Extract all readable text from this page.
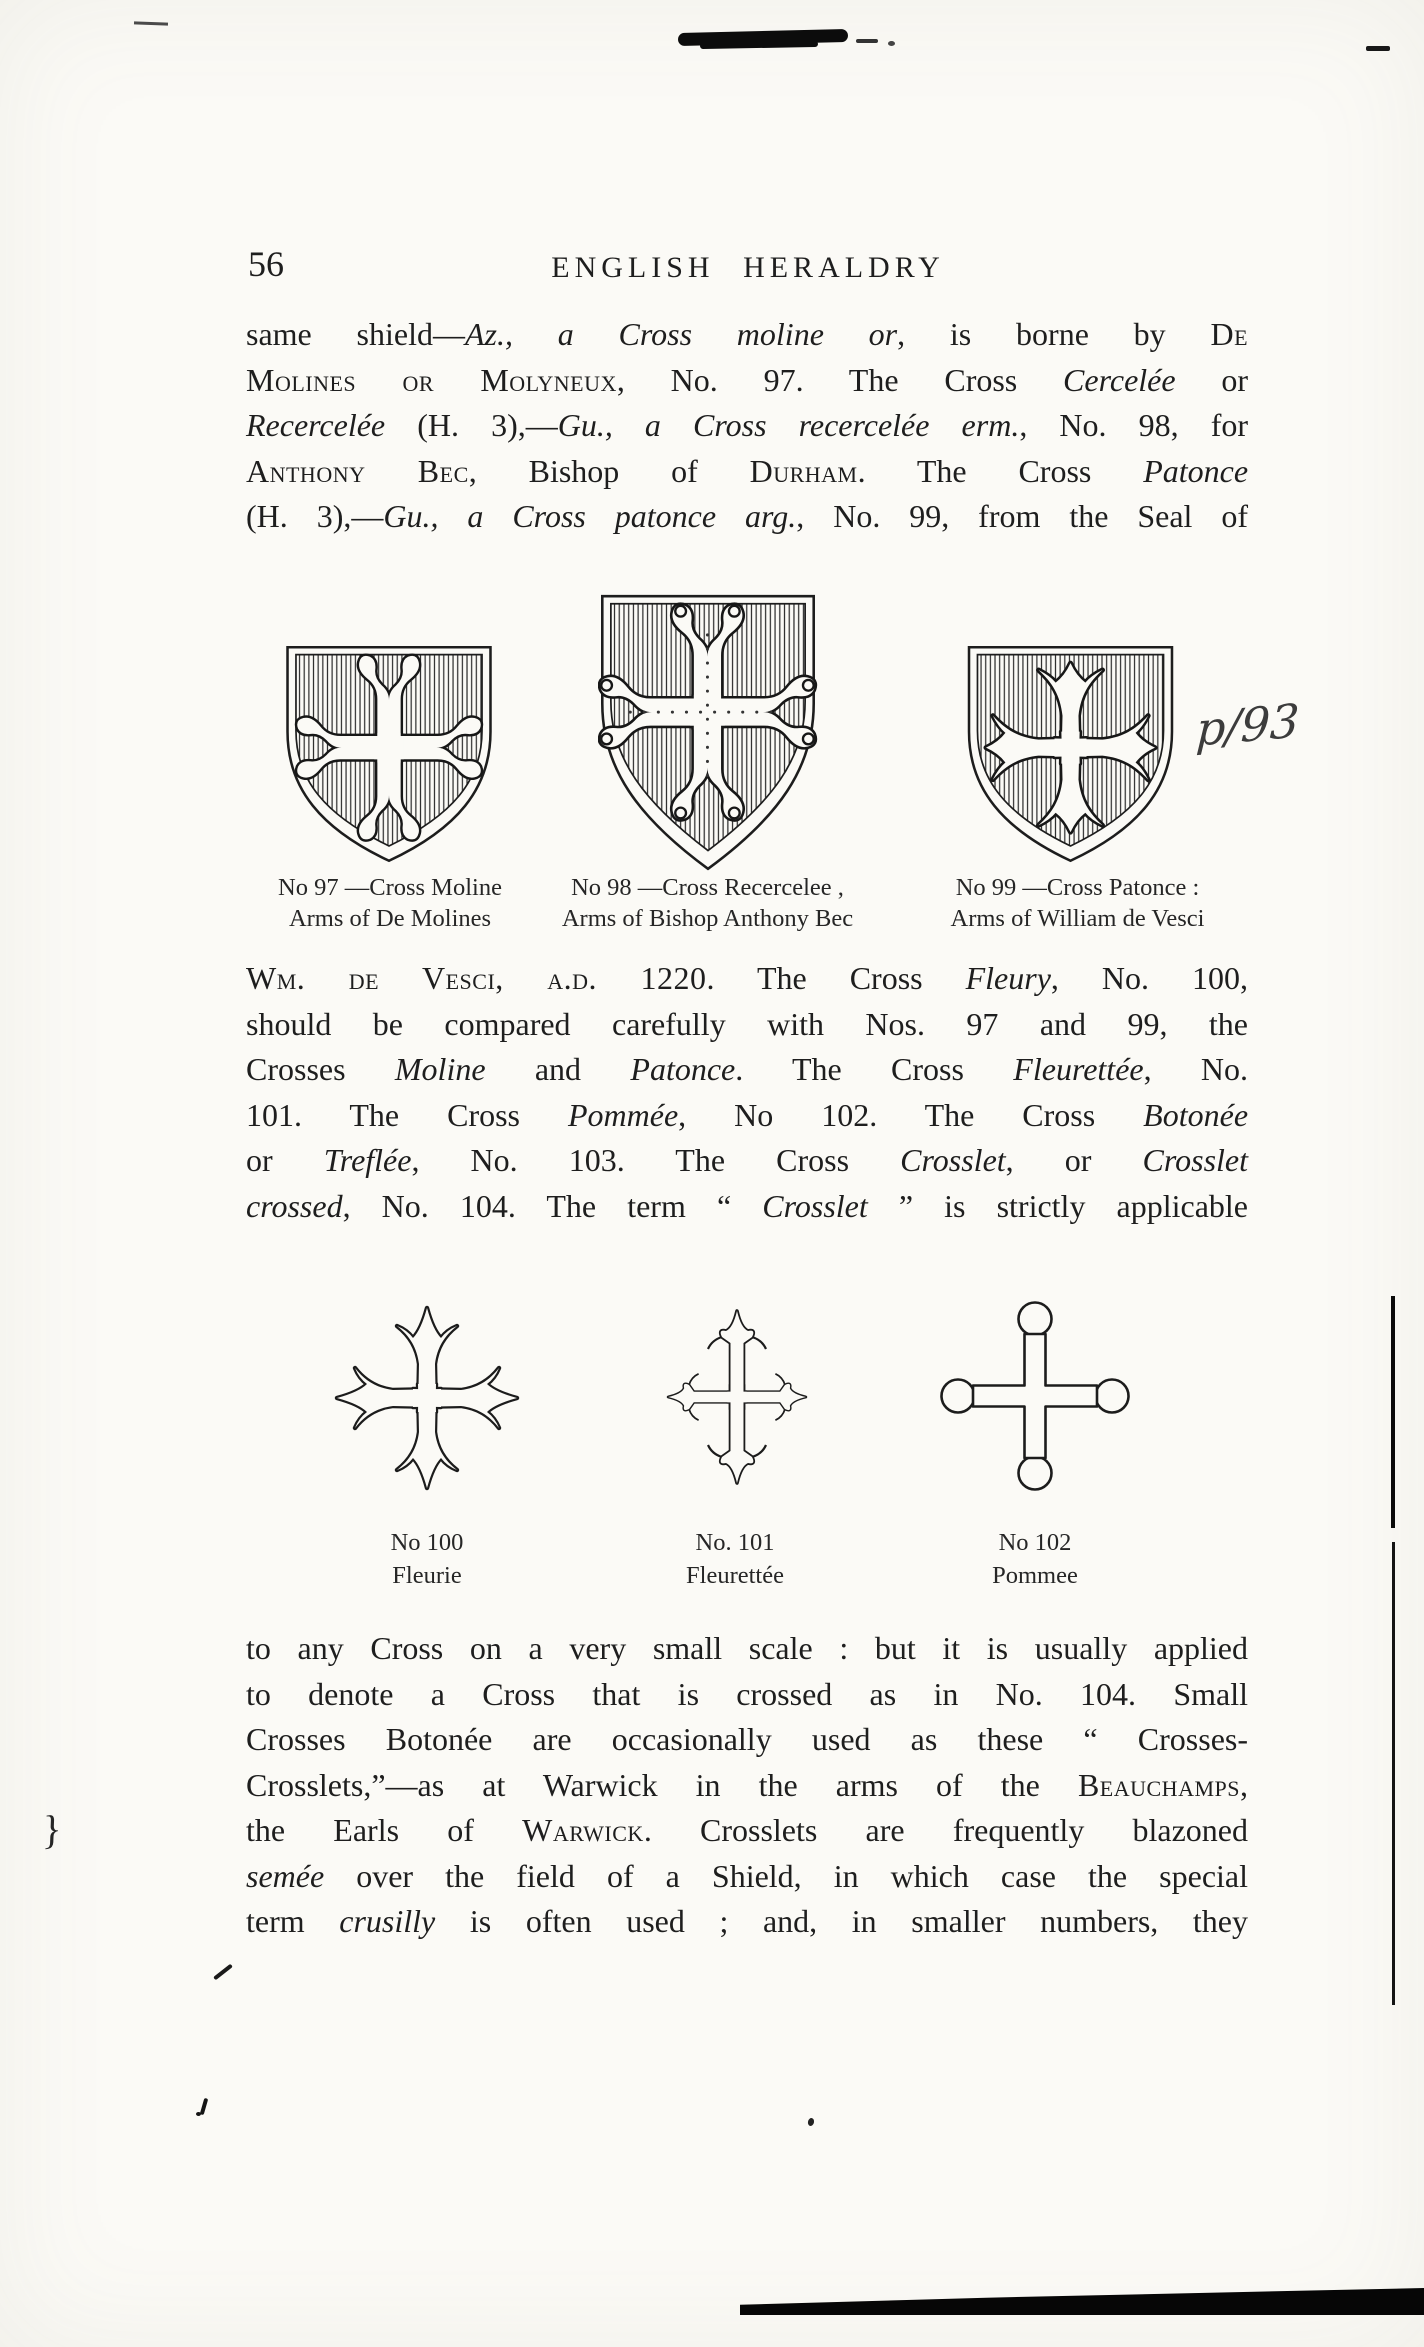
}
56	ENGLISH HERALDRY
same shield—Az., a Cross moline or, is borne by De
Molines or Molyneux, No. 97. The Cross Cercelée or
Recercelée (H. 3),—Gu., a Cross recercelée erm., No. 98, for
Anthony Bec, Bishop of Durham. The Cross Patonce
(H. 3),—Gu., a Cross patonce arg., No. 99, from the Seal of
p/93
No 97 —Cross Moline
Arms of De Molines
No 98 —Cross Recercelee ,
Arms of Bishop Anthony Bec
No 99 —Cross Patonce :
Arms of William de Vesci
Wm. de Vesci, a.d. 1220. The Cross Fleury, No. 100,
should be compared carefully with Nos. 97 and 99, the
Crosses Moline and Patonce. The Cross Fleurettée, No.
101. The Cross Pommée, No 102. The Cross Botonée
or Treflée, No. 103. The Cross Crosslet, or Crosslet
crossed, No. 104. The term “ Crosslet ” is strictly applicable
No 100
Fleurie
No. 101
Fleurettée
No 102
Pommee
to any Cross on a very small scale : but it is usually applied
to denote a Cross that is crossed as in No. 104. Small
Crosses Botonée are occasionally used as these “ Crosses-
Crosslets,”—as at Warwick in the arms of the Beauchamps,
the Earls of Warwick. Crosslets are frequently blazoned
semée over the field of a Shield, in which case the special
term crusilly is often used ; and, in smaller numbers, they
